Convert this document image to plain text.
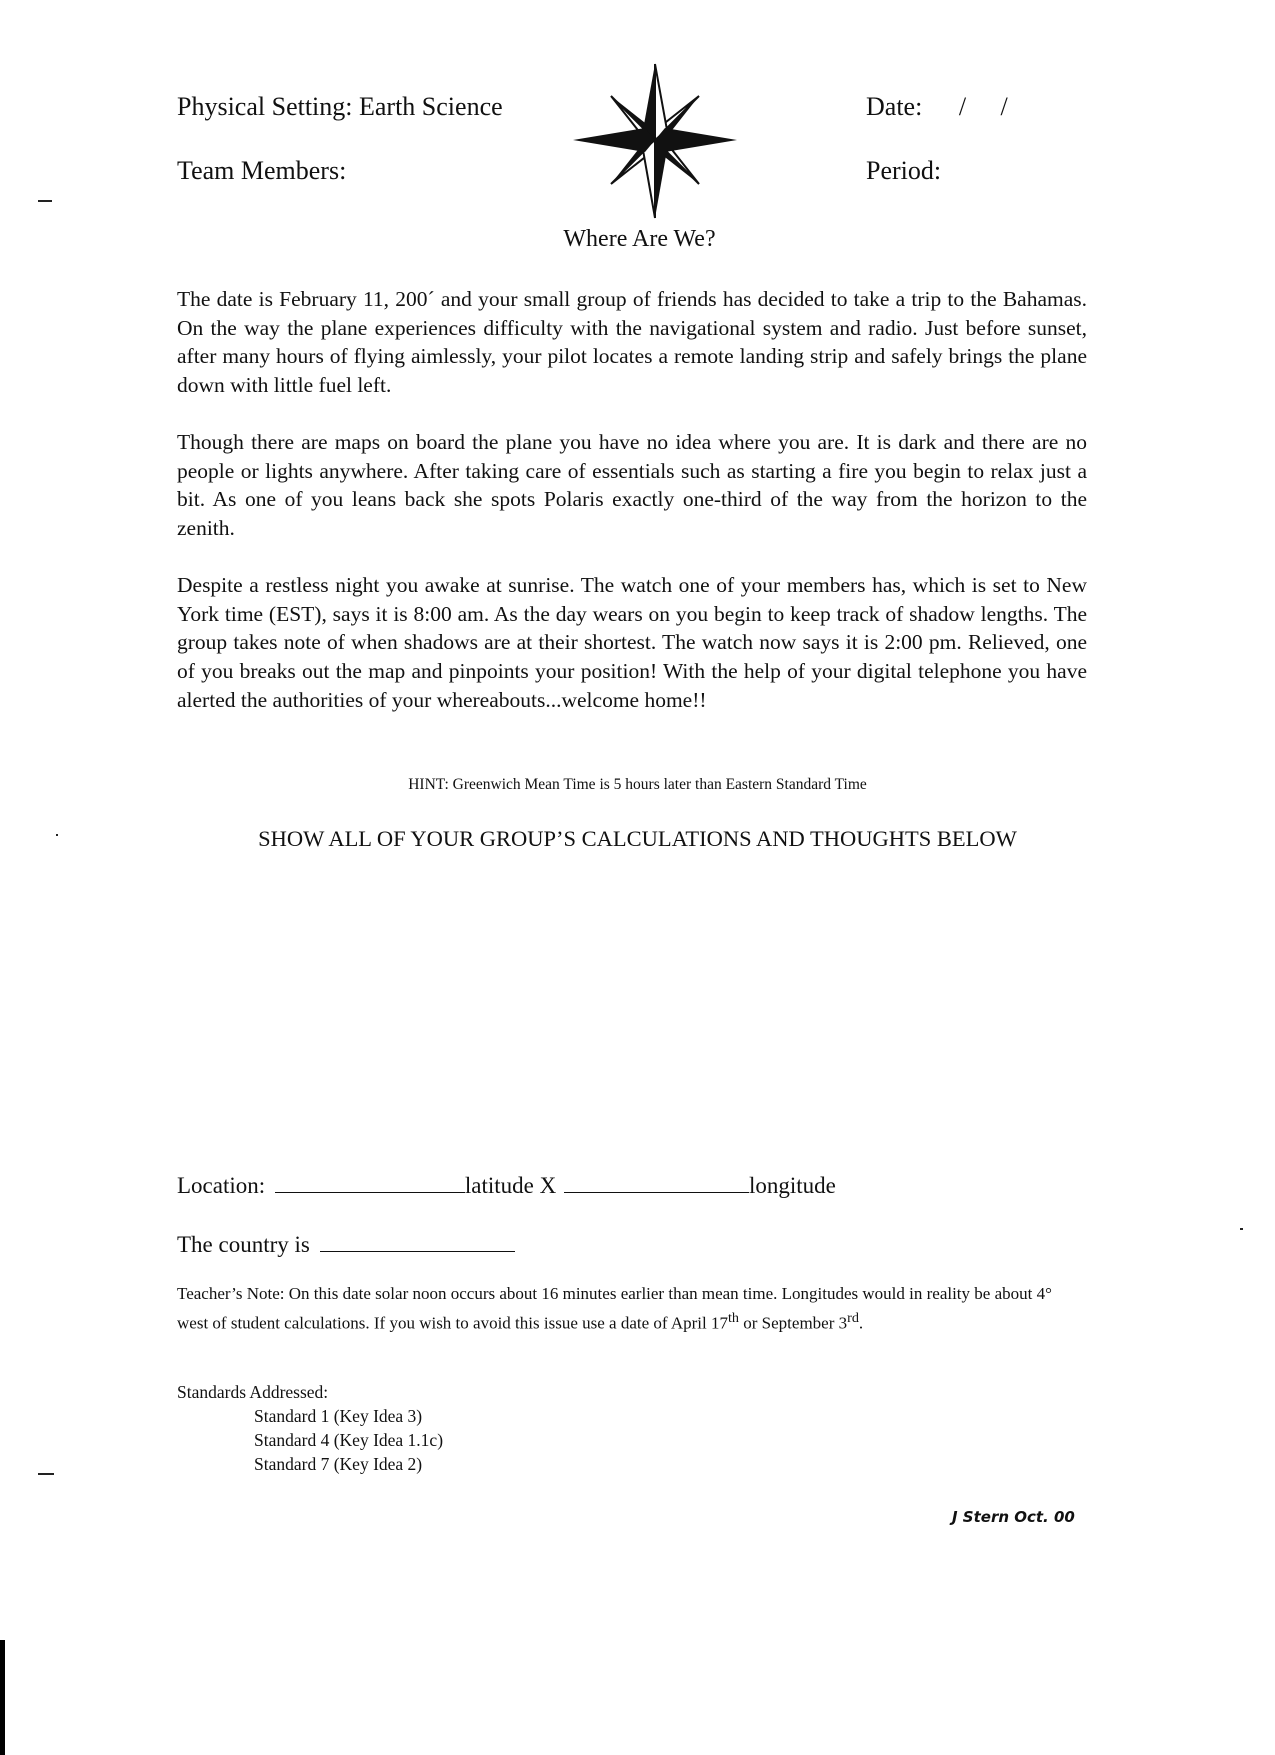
Physical Setting: Earth Science
Team Members:
Date: / /
Period:
Where Are We?

The date is February 11, 200´ and your small group of friends has decided to take a trip to the Bahamas. On the way the plane experiences difficulty with the navigational system and radio. Just before sunset, after many hours of flying aimlessly, your pilot locates a remote landing strip and safely brings the plane down with little fuel left.

Though there are maps on board the plane you have no idea where you are. It is dark and there are no people or lights anywhere. After taking care of essentials such as starting a fire you begin to relax just a bit. As one of you leans back she spots Polaris exactly one-third of the way from the horizon to the zenith.

Despite a restless night you awake at sunrise. The watch one of your members has, which is set to New York time (EST), says it is 8:00 am. As the day wears on you begin to keep track of shadow lengths. The group takes note of when shadows are at their shortest. The watch now says it is 2:00 pm. Relieved, one of you breaks out the map and pinpoints your position! With the help of your digital telephone you have alerted the authorities of your whereabouts...welcome home!!

HINT: Greenwich Mean Time is 5 hours later than Eastern Standard Time
SHOW ALL OF YOUR GROUP’S CALCULATIONS AND THOUGHTS BELOW
Location:	latitude X	longitude
The country is

Teacher’s Note: On this date solar noon occurs about 16 minutes earlier than mean time. Longitudes would in reality be about 4° west of student calculations. If you wish to avoid this issue use a date of April 17th or September 3rd.

Standards Addressed:
Standard 1 (Key Idea 3)
Standard 4 (Key Idea 1.1c)
Standard 7 (Key Idea 2)
J Stern Oct. 00
